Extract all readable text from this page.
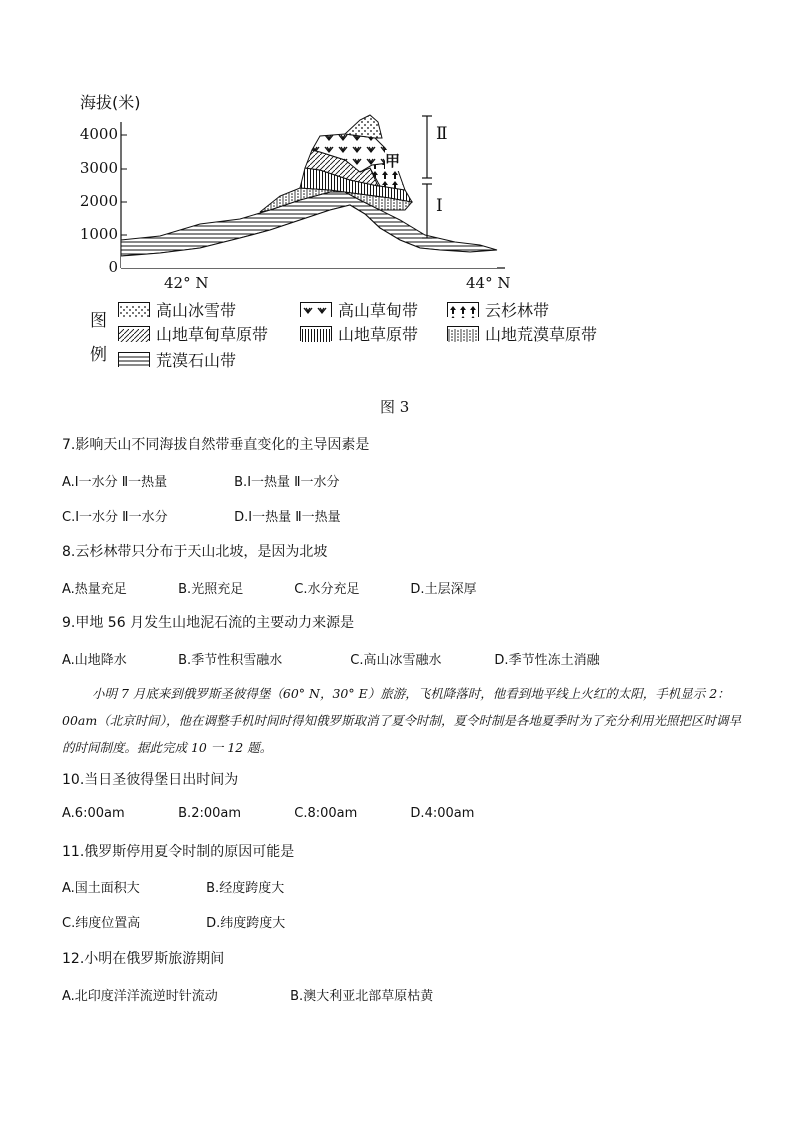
海拔(米)
4000
3000
2000
1000
0
42° N	44° N
Ⅱ
Ⅰ
甲
图
例
高山冰雪带	高山草甸带	云杉林带
山地草甸草原带	山地草原带	山地荒漠草原带
荒漠石山带
图 3
7.影响天山不同海拔自然带垂直变化的主导因素是
A.Ⅰ一水分 Ⅱ一热量	B.Ⅰ一热量 Ⅱ一水分
C.Ⅰ一水分 Ⅱ一水分	D.Ⅰ一热量 Ⅱ一热量
8.云杉林带只分布于天山北坡，是因为北坡
A.热量充足	B.光照充足	C.水分充足	D.土层深厚
9.甲地 56 月发生山地泥石流的主要动力来源是
A.山地降水	B.季节性积雪融水	C.高山冰雪融水	D.季节性冻土消融
小明 7 月底来到俄罗斯圣彼得堡（60° N，30° E）旅游，飞机降落时，他看到地平线上火红的太阳，手机显示 2：00am（北京时间），他在调整手机时间时得知俄罗斯取消了夏令时制，夏令时制是各地夏季时为了充分利用光照把区时调早的时间制度。据此完成 10 一 12 题。
10.当日圣彼得堡日出时间为
A.6:00am	B.2:00am	C.8:00am	D.4:00am
11.俄罗斯停用夏令时制的原因可能是
A.国土面积大	B.经度跨度大
C.纬度位置高	D.纬度跨度大
12.小明在俄罗斯旅游期间
A.北印度洋洋流逆时针流动	B.澳大利亚北部草原枯黄
